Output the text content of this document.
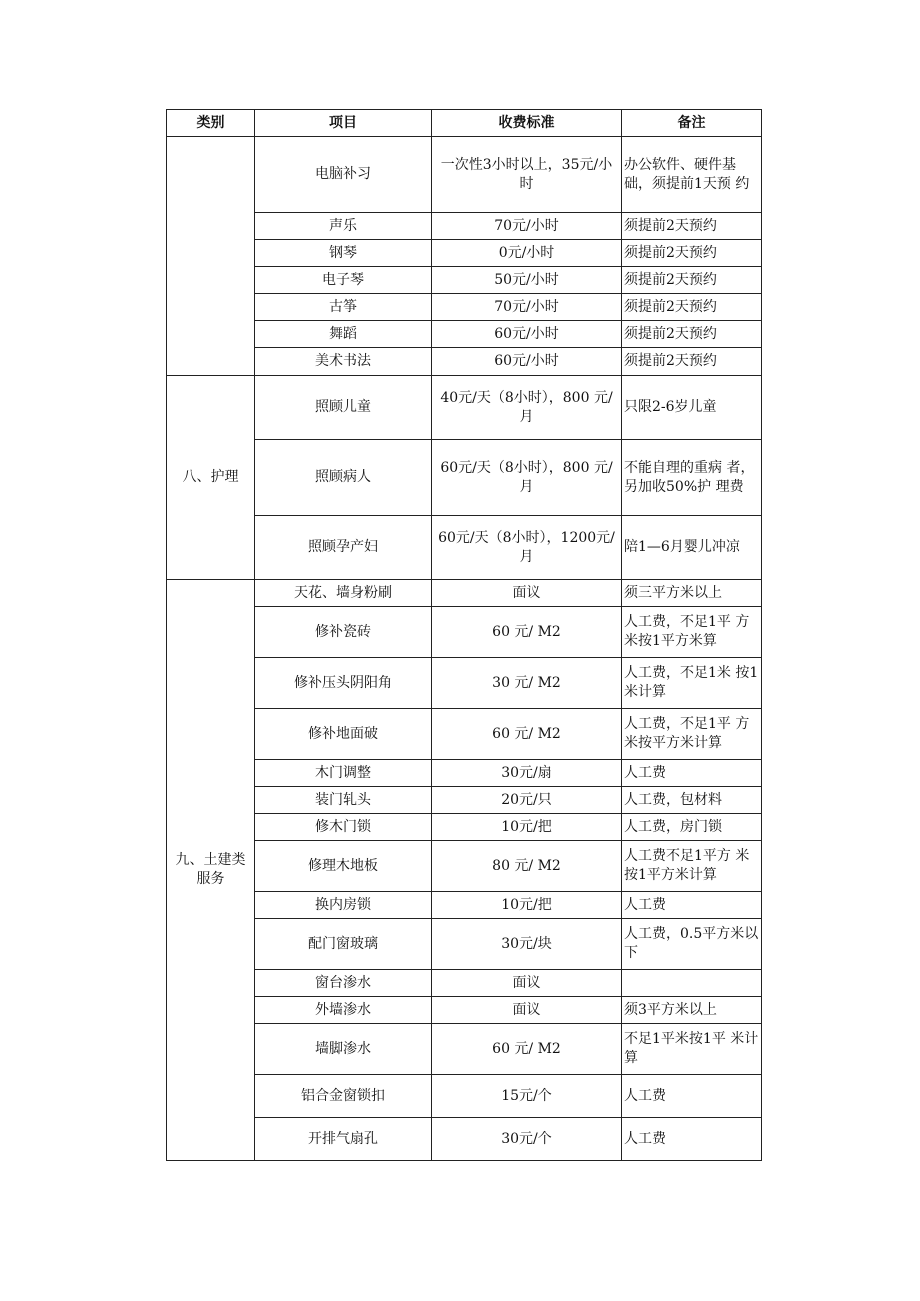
类别	项目	收费标准	备注
	电脑补习	一次性3小时以上，35元/小时	办公软件、硬件基础，须提前1天预 约
	声乐	70元/小时	须提前2天预约
	钢琴	0元/小时	须提前2天预约
	电子琴	50元/小时	须提前2天预约
	古筝	70元/小时	须提前2天预约
	舞蹈	60元/小时	须提前2天预约
	美术书法	60元/小时	须提前2天预约
八、护理	照顾儿童	40元/天（8小时），800 元/月	只限2-6岁儿童
	照顾病人	60元/天（8小时），800 元/月	不能自理的重病 者，另加收50%护 理费
	照顾孕产妇	60元/天（8小时），1200元/月	陪1—6月婴儿冲凉
九、土建类服务	天花、墙身粉刷	面议	须三平方米以上
	修补瓷砖	60 元/ M2	人工费，不足1平 方米按1平方米算
	修补压头阴阳角	30 元/ M2	人工费，不足1米 按1米计算
	修补地面破	60 元/ M2	人工费，不足1平 方米按平方米计算
	木门调整	30元/扇	人工费
	装门轧头	20元/只	人工费，包材料
	修木门锁	10元/把	人工费，房门锁
	修理木地板	80 元/ M2	人工费不足1平方 米按1平方米计算
	换内房锁	10元/把	人工费
	配门窗玻璃	30元/块	人工费，0.5平方米以下
	窗台渗水	面议	
	外墙渗水	面议	须3平方米以上
	墙脚渗水	60 元/ M2	不足1平米按1平 米计算
	铝合金窗锁扣	15元/个	人工费
	开排气扇孔	30元/个	人工费
